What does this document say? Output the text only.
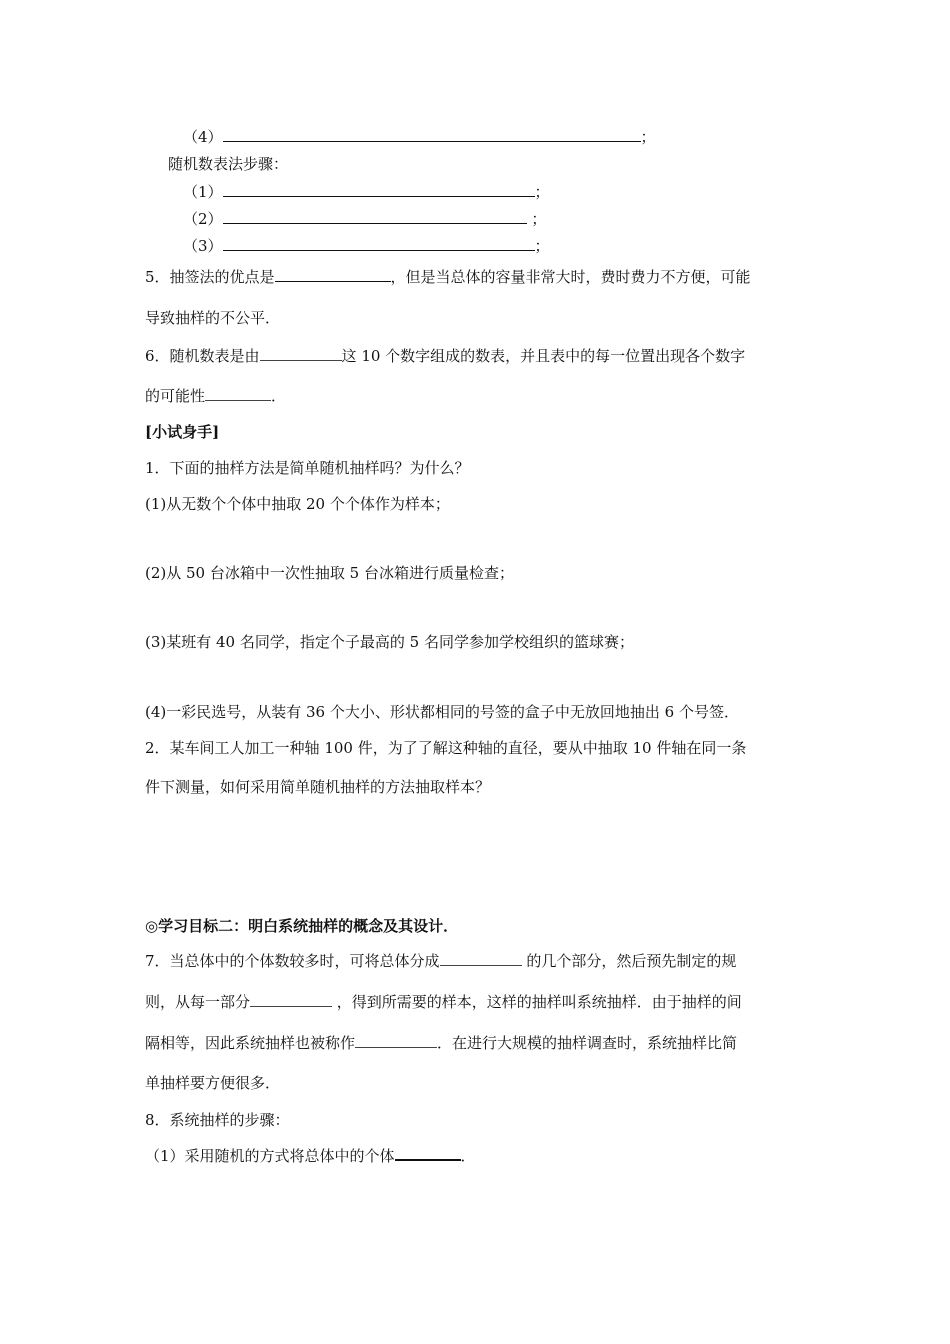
（4）	；
随机数表法步骤：
（1）	；
（2）	；
（3）	；
5．抽签法的优点是	，但是当总体的容量非常大时，费时费力不方便，可能
导致抽样的不公平．
6．随机数表是由	这 10 个数字组成的数表，并且表中的每一位置出现各个数字
的可能性	．
[小试身手]
1．下面的抽样方法是简单随机抽样吗？为什么？
(1)从无数个个体中抽取 20 个个体作为样本；
(2)从 50 台冰箱中一次性抽取 5 台冰箱进行质量检查；
(3)某班有 40 名同学，指定个子最高的 5 名同学参加学校组织的篮球赛；
(4)一彩民选号，从装有 36 个大小、形状都相同的号签的盒子中无放回地抽出 6 个号签．
2．某车间工人加工一种轴 100 件，为了了解这种轴的直径，要从中抽取 10 件轴在同一条
件下测量，如何采用简单随机抽样的方法抽取样本？
◎学习目标二：明白系统抽样的概念及其设计．
7．当总体中的个体数较多时，可将总体分成	的几个部分，然后预先制定的规
则，从每一部分	，得到所需要的样本，这样的抽样叫系统抽样．由于抽样的间
隔相等，因此系统抽样也被称作	．在进行大规模的抽样调查时，系统抽样比简
单抽样要方便很多．
8．系统抽样的步骤：
（1）采用随机的方式将总体中的个体	．
